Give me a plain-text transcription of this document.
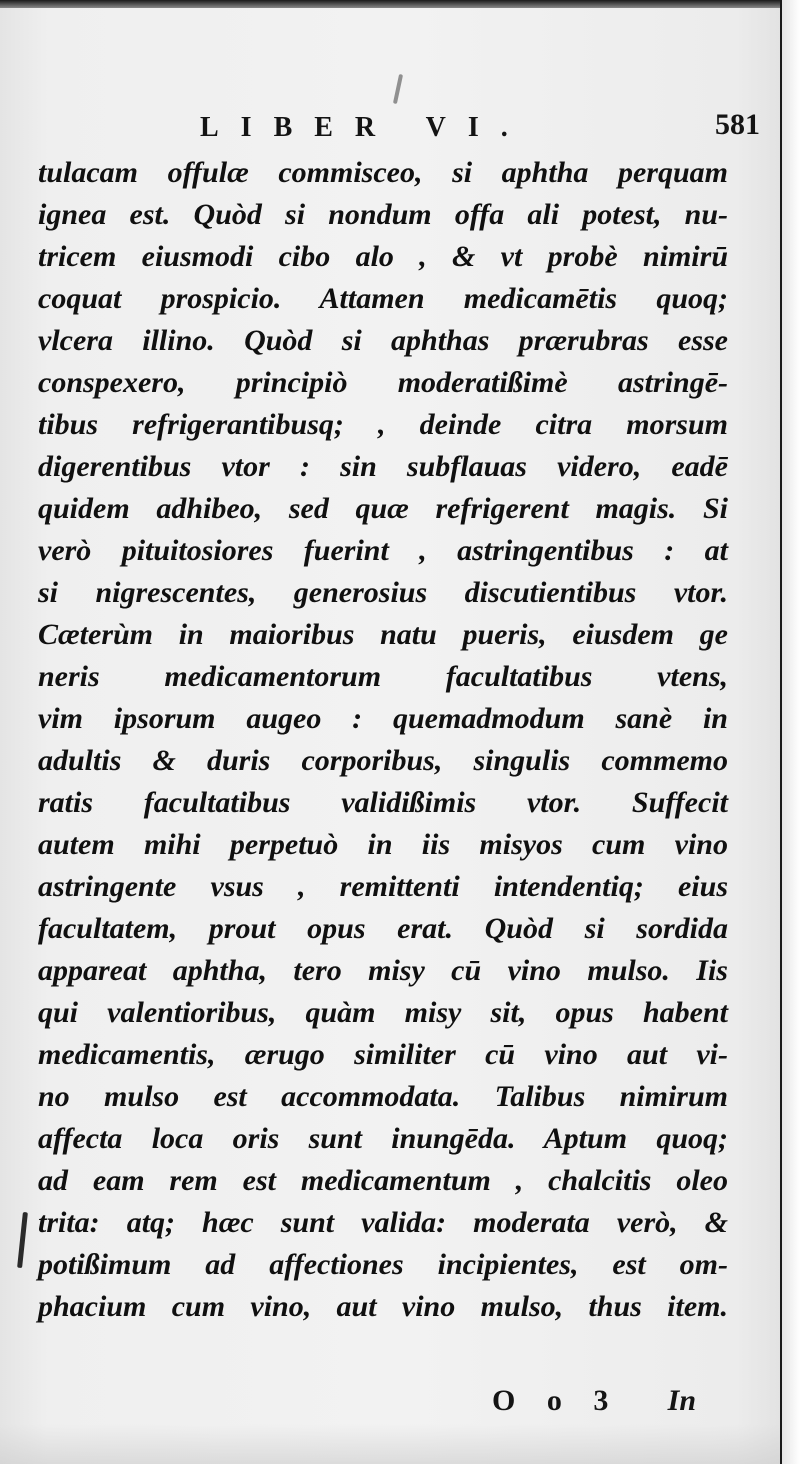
LIBER VI.	581
tulacam offulæ commisceo, si aphtha perquam
ignea est. Quòd si nondum offa ali potest, nu-
tricem eiusmodi cibo alo , & vt probè nimirū
coquat prospicio. Attamen medicamētis quoq;
vlcera illino. Quòd si aphthas prærubras esse
conspexero, principiò moderatißimè astringē-
tibus refrigerantibusq; , deinde citra morsum
digerentibus vtor : sin subflauas videro, eadē
quidem adhibeo, sed quæ refrigerent magis. Si
verò pituitosiores fuerint , astringentibus : at
si nigrescentes, generosius discutientibus vtor.
Cæterùm in maioribus natu pueris, eiusdem ge
neris medicamentorum facultatibus vtens,
vim ipsorum augeo : quemadmodum sanè in
adultis & duris corporibus, singulis commemo
ratis facultatibus validißimis vtor. Suffecit
autem mihi perpetuò in iis misyos cum vino
astringente vsus , remittenti intendentiq; eius
facultatem, prout opus erat. Quòd si sordida
appareat aphtha, tero misy cū vino mulso. Iis
qui valentioribus, quàm misy sit, opus habent
medicamentis, ærugo similiter cū vino aut vi-
no mulso est accommodata. Talibus nimirum
affecta loca oris sunt inungēda. Aptum quoq;
ad eam rem est medicamentum , chalcitis oleo
trita: atq; hæc sunt valida: moderata verò, &
potißimum ad affectiones incipientes, est om-
phacium cum vino, aut vino mulso, thus item.
O o 3 In
